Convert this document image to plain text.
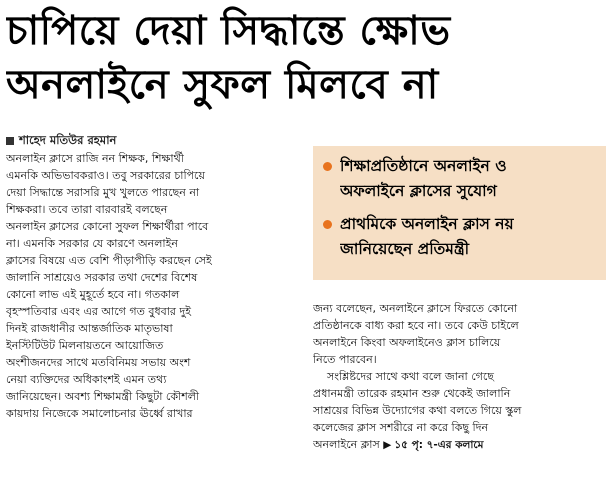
চাপিয়ে দেয়া সিদ্ধান্তে ক্ষোভ
অনলাইনে সুফল মিলবে না
শাহেদ মতিউর রহমান
অনলাইন ক্লাসে রাজি নন শিক্ষক, শিক্ষার্থী
এমনকি অভিভাবকরাও। তবু সরকারের চাপিয়ে
দেয়া সিদ্ধান্তে সরাসরি মুখ খুলতে পারছেন না
শিক্ষকরা। তবে তারা বারবারই বলছেন
অনলাইন ক্লাসের কোনো সুফল শিক্ষার্থীরা পাবে
না। এমনকি সরকার যে কারণে অনলাইন
ক্লাসের বিষয়ে এত বেশি পীড়াপীড়ি করছেন সেই
জালানি সাশ্রয়েও সরকার তথা দেশের বিশেষ
কোনো লাভ এই মুহূর্তে হবে না। গতকাল
বৃহস্পতিবার এবং এর আগে গত বুধবার দুই
দিনই রাজধানীর আন্তর্জাতিক মাতৃভাষা
ইনস্টিটিউট মিলনায়তনে আয়োজিত
অংশীজনদের সাথে মতবিনিময় সভায় অংশ
নেয়া ব্যক্তিদের অধিকাংশই এমন তথ্য
জানিয়েছেন। অবশ্য শিক্ষামন্ত্রী কিছুটা কৌশলী
কায়দায় নিজেকে সমালোচনার ঊর্ধ্বে রাখার
শিক্ষাপ্রতিষ্ঠানে অনলাইন ও
অফলাইনে ক্লাসের সুযোগ
প্রাথমিকে অনলাইন ক্লাস নয়
জানিয়েছেন প্রতিমন্ত্রী
জন্য বলেছেন, অনলাইনে ক্লাসে ফিরতে কোনো
প্রতিষ্ঠানকে বাধ্য করা হবে না। তবে কেউ চাইলে
অনলাইনে কিংবা অফলাইনেও ক্লাস চালিয়ে
নিতে পারবেন।
সংশ্লিষ্টদের সাথে কথা বলে জানা গেছে
প্রধানমন্ত্রী তারেক রহমান শুরু থেকেই জালানি
সাশ্রয়ের বিভিন্ন উদ্যোগের কথা বলতে গিয়ে স্কুল
কলেজের ক্লাস সশরীরে না করে কিছু দিন
অনলাইনে ক্লাস ▶ ১৫ পৃ: ৭-এর কলামে
